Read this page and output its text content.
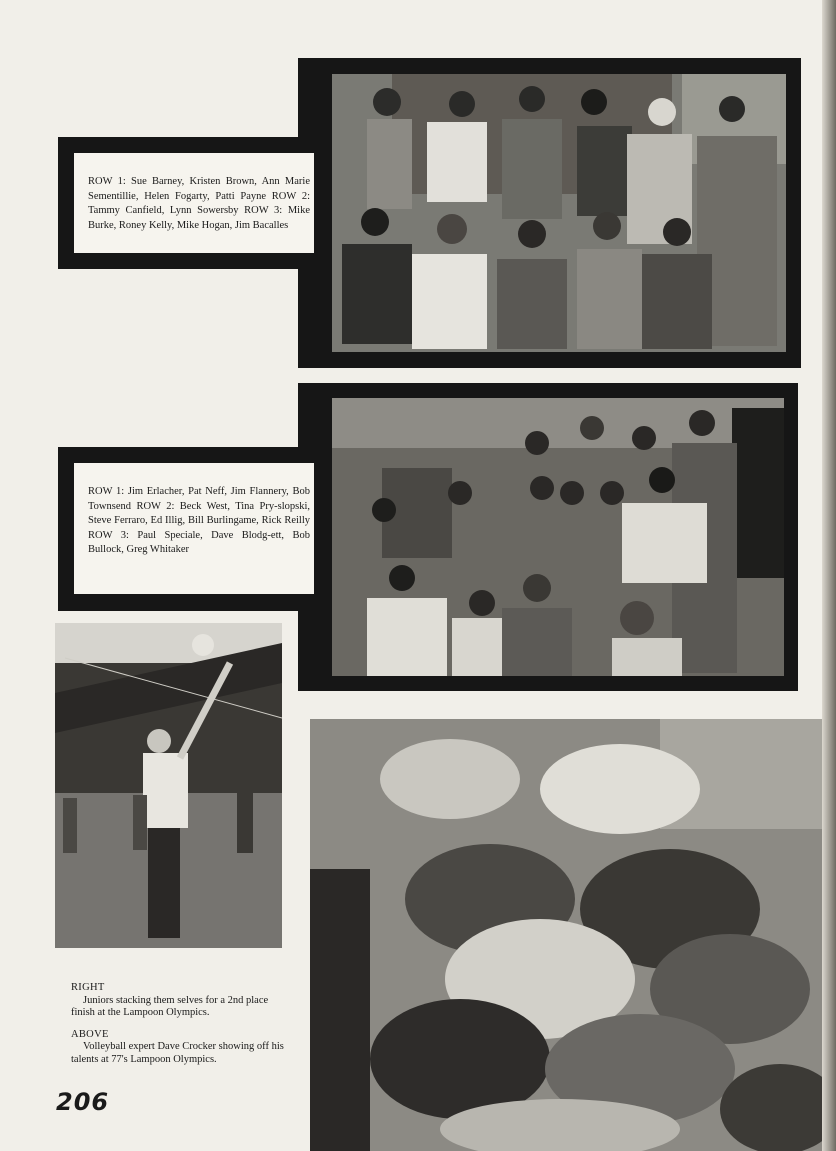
ROW 1: Sue Barney, Kristen Brown, Ann Marie Sementillie, Helen Fogarty, Patti Payne ROW 2: Tammy Canfield, Lynn Sowersby ROW 3: Mike Burke, Roney Kelly, Mike Hogan, Jim Bacalles
ROW 1: Jim Erlacher, Pat Neff, Jim Flannery, Bob Townsend ROW 2: Beck West, Tina Pry-slopski, Steve Ferraro, Ed Illig, Bill Burlingame, Rick Reilly ROW 3: Paul Speciale, Dave Blodg-ett, Bob Bullock, Greg Whitaker
RIGHT
Juniors stacking them selves for a 2nd place finish at the Lampoon Olympics.
ABOVE
Volleyball expert Dave Crocker showing off his talents at 77's Lampoon Olympics.
206
